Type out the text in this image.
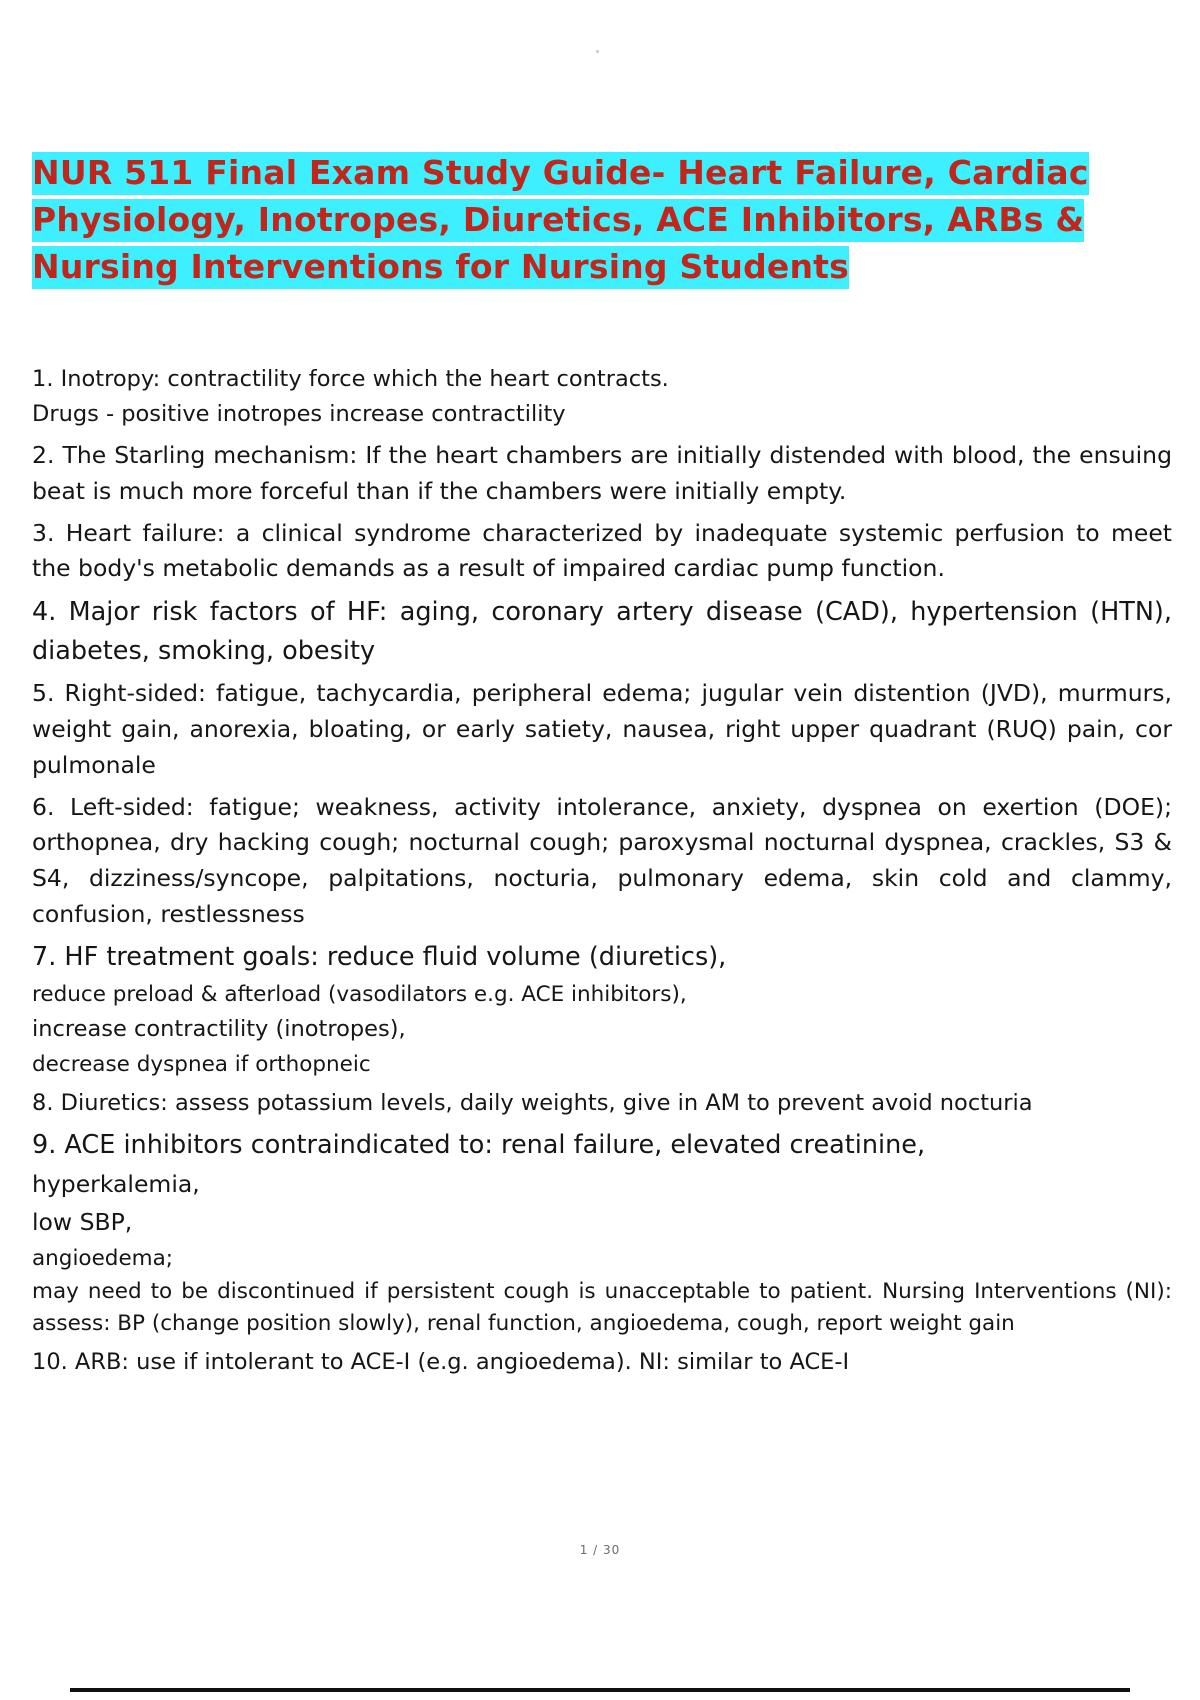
NUR 511 Final Exam Study Guide- Heart Failure, Cardiac
Physiology, Inotropes, Diuretics, ACE Inhibitors, ARBs &
Nursing Interventions for Nursing Students

1. Inotropy: contractility force which the heart contracts.

Drugs - positive inotropes increase contractility

2. The Starling mechanism: If the heart chambers are initially distended with blood, the ensuing beat is much more forceful than if the chambers were initially empty.

3. Heart failure: a clinical syndrome characterized by inadequate systemic perfusion to meet the body's metabolic demands as a result of impaired cardiac pump function.

4. Major risk factors of HF: aging, coronary artery disease (CAD), hypertension (HTN), diabetes, smoking, obesity

5. Right-sided: fatigue, tachycardia, peripheral edema; jugular vein distention (JVD), murmurs, weight gain, anorexia, bloating, or early satiety, nausea, right upper quadrant (RUQ) pain, cor pulmonale

6. Left-sided: fatigue; weakness, activity intolerance, anxiety, dyspnea on exertion (DOE); orthopnea, dry hacking cough; nocturnal cough; paroxysmal nocturnal dyspnea, crackles, S3 & S4, dizziness/syncope, palpitations, nocturia, pulmonary edema, skin cold and clammy, confusion, restlessness

7. HF treatment goals: reduce fluid volume (diuretics),

reduce preload & afterload (vasodilators e.g. ACE inhibitors),

increase contractility (inotropes),

decrease dyspnea if orthopneic

8. Diuretics: assess potassium levels, daily weights, give in AM to prevent avoid nocturia

9. ACE inhibitors contraindicated to: renal failure, elevated creatinine,

hyperkalemia,

low SBP,

angioedema;

may need to be discontinued if persistent cough is unacceptable to patient. Nursing Interventions (NI): assess: BP (change position slowly), renal function, angioedema, cough, report weight gain

10. ARB: use if intolerant to ACE-I (e.g. angioedema). NI: similar to ACE-I

1 / 30
